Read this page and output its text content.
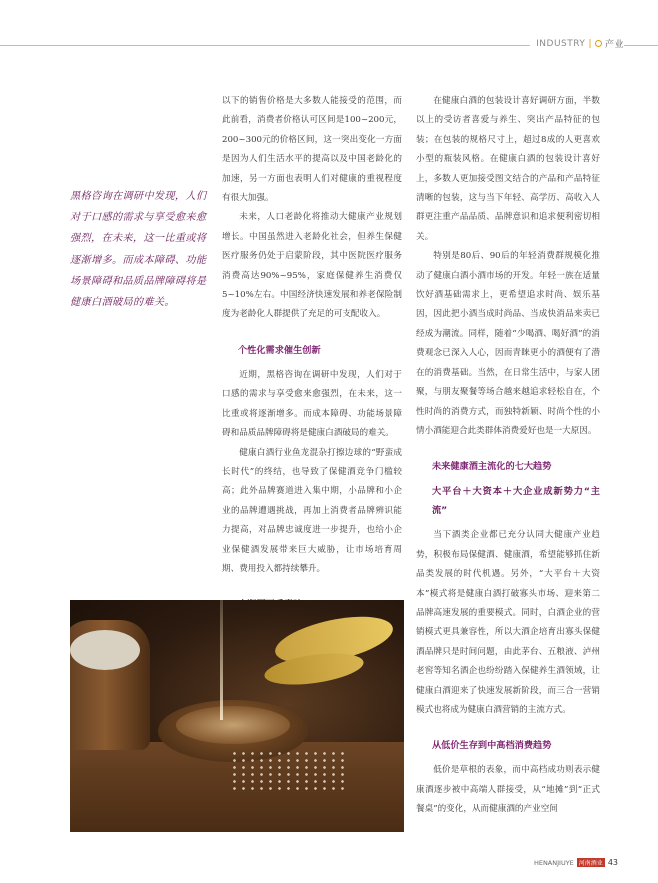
INDUSTRY | 产业
黑格咨询在调研中发现，人们对于口感的需求与享受愈来愈强烈，在未来，这一比重或将逐渐增多。而成本障碍、功能场景障碍和品质品牌障碍将是健康白酒破局的难关。

以下的销售价格是大多数人能接受的范围，而此前看，消费者价格认可区间是100~200元，200~300元的价格区间，这一突出变化一方面是因为人们生活水平的提高以及中国老龄化的加速，另一方面也表明人们对健康的重视程度有很大加强。

未来，人口老龄化将推动大健康产业规划增长。中国虽然进入老龄化社会，但养生保健医疗服务仍处于启蒙阶段，其中医院医疗服务消费高达90%~95%，家庭保健养生消费仅5~10%左右。中国经济快速发展和养老保险制度为老龄化人群提供了充足的可支配收入。

个性化需求催生创新

近期，黑格咨询在调研中发现，人们对于口感的需求与享受愈来愈强烈，在未来，这一比重或将逐渐增多。而成本障碍、功能场景障碍和品质品牌障碍将是健康白酒破局的难关。

健康白酒行业鱼龙混杂打擦边球的“野蛮成长时代”的终结，也导致了保健酒竞争门槛较高；此外品牌赛道进入集中期，小品牌和小企业的品牌遭遇挑战，再加上消费者品牌辨识能力提高，对品牌忠诚度进一步提升，也给小企业保健酒发展带来巨大威胁，让市场培育周期、费用投入都持续攀升。

在健康白酒的包装设计喜好调研方面，半数以上的受访者喜爱与养生、突出产品特征的包装；在包装的规格尺寸上，超过8成的人更喜欢小型的瓶装风格。在健康白酒的包装设计喜好上，多数人更加接受图文结合的产品和产品特征清晰的包装，这与当下年轻、高学历、高收入人群更注重产品品质、品牌意识和追求便利密切相关。

特别是80后、90后的年轻消费群规模化推动了健康白酒小酒市场的开发。年轻一族在适量饮好酒基础需求上，更希望追求时尚、娱乐基因，因此把小酒当成时尚品、当成快消品来卖已经成为潮流。同样，随着“少喝酒、喝好酒”的消费观念已深入人心，因而青睐更小的酒便有了潜在的消费基础。当然，在日常生活中，与家人团聚，与朋友聚餐等场合越来越追求轻松自在，个性时尚的消费方式，而独特新颖、时尚个性的小情小酒能迎合此类群体消费爱好也是一大原因。

未来健康酒主流化的七大趋势
大平台＋大资本＋大企业成新势力“主流”

当下酒类企业都已充分认同大健康产业趋势，积极布局保健酒、健康酒，希望能够抓住新品类发展的时代机遇。另外，“大平台＋大资本”模式将是健康白酒打破寡头市场、迎来第二品牌高速发展的重要模式。同时，白酒企业的营销模式更具兼容性，所以大酒企培育出寡头保健酒品牌只是时间问题，由此茅台、五粮液、泸州老窖等知名酒企也纷纷踏入保健养生酒领域，让健康白酒迎来了快速发展新阶段，而三合一营销模式也将成为健康白酒营销的主流方式。

从低价生存到中高档消费趋势

低价是草根的表象，而中高档成功则表示健康酒逐步被中高端人群接受，从“地摊”到“正式餐桌”的变化，从而健康酒的产业空间

HENANJIUYE 河南酒业 43
